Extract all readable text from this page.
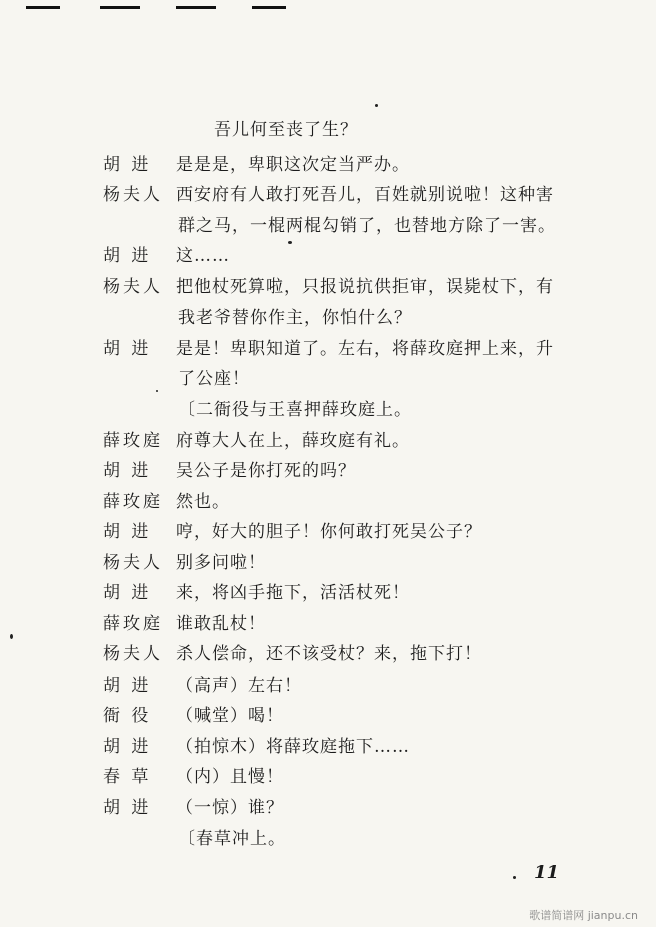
吾儿何至丧了生？
胡 进 是是是，卑职这次定当严办。
杨夫人 西安府有人敢打死吾儿，百姓就别说啦！这种害
群之马，一棍两棍勾销了，也替地方除了一害。
胡 进 这……
杨夫人 把他杖死算啦，只报说抗供拒审，误毙杖下，有
我老爷替你作主，你怕什么？
胡 进 是是！卑职知道了。左右，将薛玫庭押上来，升
了公座！
〔二衙役与王喜押薛玫庭上。
薛玫庭 府尊大人在上，薛玫庭有礼。
胡 进 吴公子是你打死的吗？
薛玫庭 然也。
胡 进 哼，好大的胆子！你何敢打死吴公子？
杨夫人 别多问啦！
胡 进 来，将凶手拖下，活活杖死！
薛玫庭 谁敢乱杖！
杨夫人 杀人偿命，还不该受杖？来，拖下打！
胡 进 （高声）左右！
衙 役 （喊堂）喝！
胡 进 （拍惊木）将薛玫庭拖下……
春 草 （内）且慢！
胡 进 （一惊）谁？
〔春草冲上。
11
歌谱简谱网 jianpu.cn
